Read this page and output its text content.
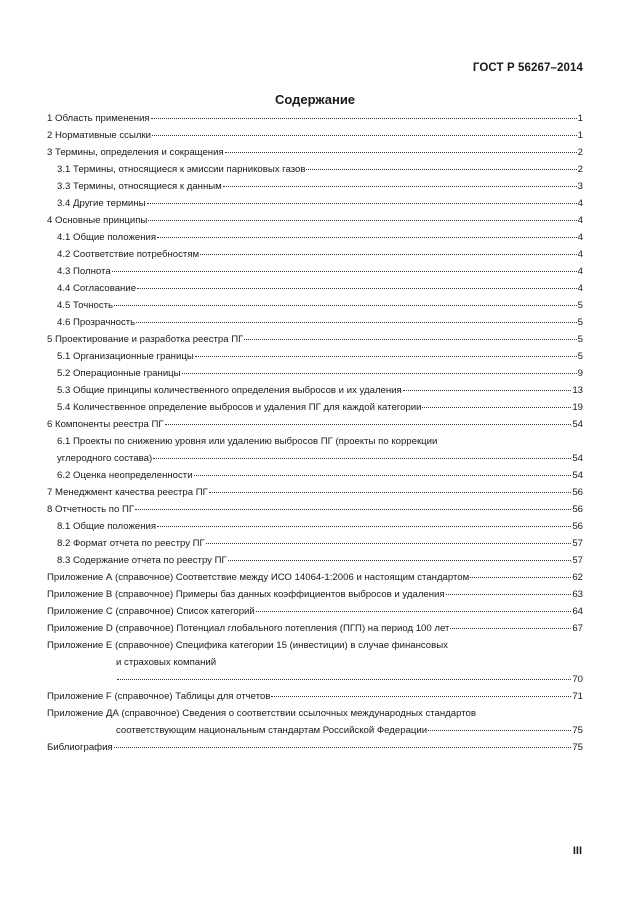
ГОСТ Р 56267–2014
Содержание
1 Область применения	1
2 Нормативные ссылки	1
3 Термины, определения и сокращения	2
3.1 Термины, относящиеся к эмиссии парниковых газов	2
3.3 Термины, относящиеся к данным	3
3.4 Другие термины	4
4 Основные принципы	4
4.1 Общие положения	4
4.2 Соответствие потребностям	4
4.3 Полнота	4
4.4 Согласование	4
4.5 Точность	5
4.6 Прозрачность	5
5 Проектирование и разработка реестра ПГ	5
5.1 Организационные границы	5
5.2 Операционные границы	9
5.3 Общие принципы количественного определения выбросов и их удаления	13
5.4 Количественное определение выбросов и удаления ПГ для каждой категории	19
6 Компоненты реестра ПГ	54
6.1 Проекты по снижению уровня или удалению выбросов ПГ (проекты по коррекции
углеродного состава)	54
6.2 Оценка неопределенности	54
7 Менеджмент качества реестра ПГ	56
8 Отчетность по ПГ	56
8.1 Общие положения	56
8.2 Формат отчета по реестру ПГ	57
8.3 Содержание отчета по реестру ПГ	57
Приложение А (справочное) Соответствие между ИСО 14064-1:2006 и настоящим стандартом	62
Приложение В (справочное) Примеры баз данных коэффициентов выбросов и удаления	63
Приложение С (справочное) Список категорий	64
Приложение D (справочное) Потенциал глобального потепления (ПГП) на период 100 лет	67
Приложение Е (справочное) Специфика категории 15 (инвестиции) в случае финансовых
и страховых компаний
70
Приложение F (справочное) Таблицы для отчетов	71
Приложение ДА (справочное) Сведения о соответствии ссылочных международных стандартов
соответствующим национальным стандартам Российской Федерации	75
Библиография	75
III
